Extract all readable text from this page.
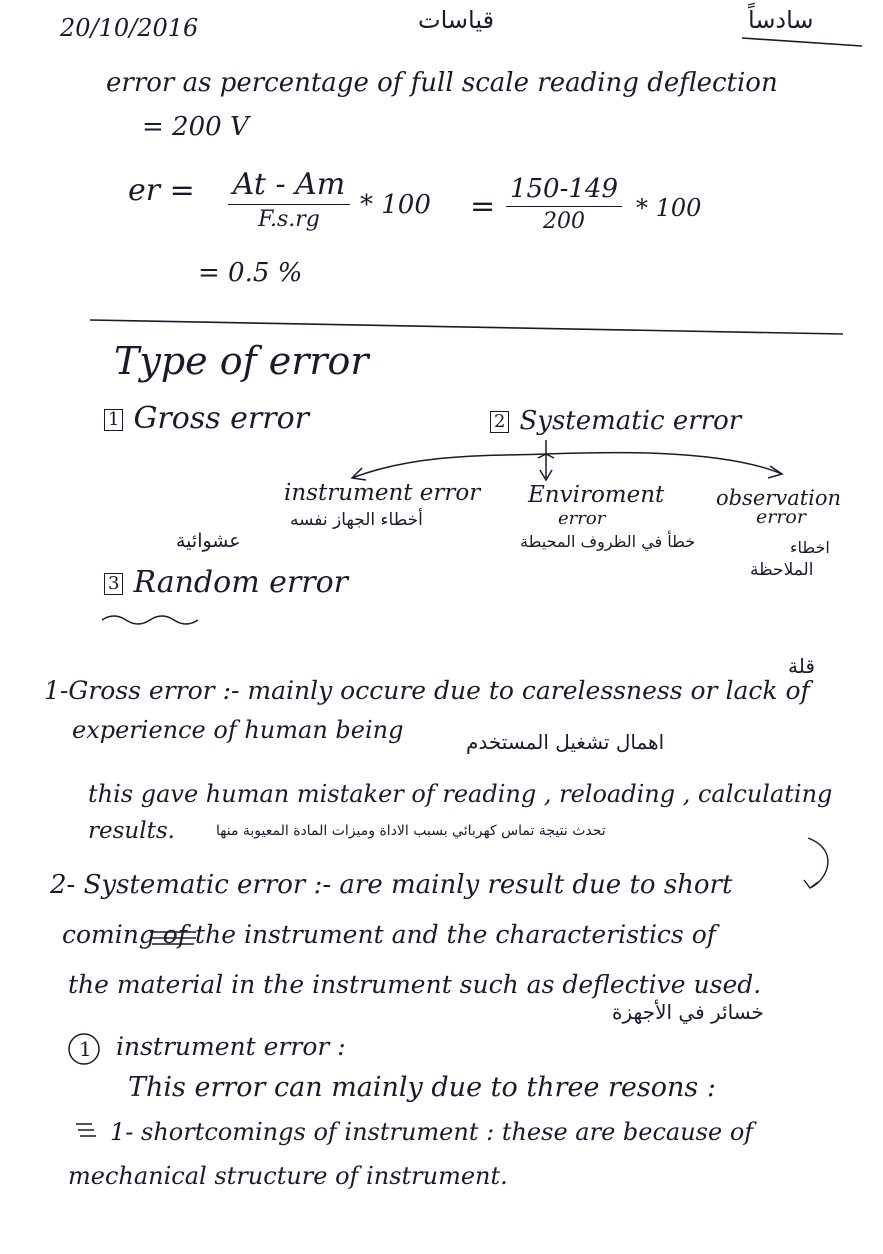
20/10/2016	قياسات	سادساً
error as percentage of full scale reading deflection
= 200 V
er = At - Am
F.s.rg	* 100 = 150-149
200	* 100
= 0.5 %
Type of error
1 Gross error	2 Systematic error
instrument error
أخطاء الجهاز نفسه
Enviroment
error
خطأ في الظروف المحيطة
observation
error
اخطاء
الملاحظة
عشوائية
3 Random error
قلة
1-Gross error :- mainly occure due to carelessness or lack of
experience of human being	اهمال تشغيل المستخدم
this gave human mistaker of reading , reloading , calculating
results.	تحدث نتيجة تماس كهربائي بسبب الاداة وميزات المادة المعيوبة منها
2- Systematic error :- are mainly result due to short
coming of the instrument and the characteristics of
the material in the instrument such as deflective used.
خسائر في الأجهزة
1 instrument error :
This error can mainly due to three resons :
1- shortcomings of instrument : these are because of
mechanical structure of instrument.
